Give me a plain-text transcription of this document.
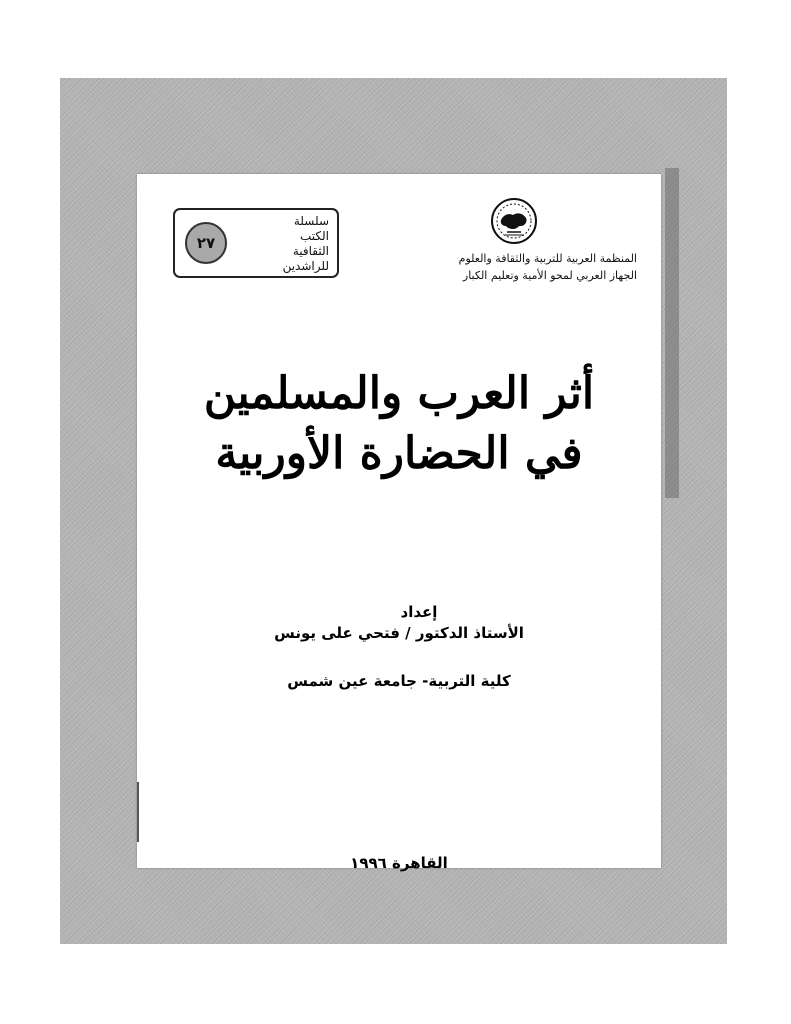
٢٧
سلسلة
الكتب
الثقافية
للراشدين
المنظمة العربية للتربية والثقافة والعلوم
الجهاز العربي لمحو الأمية وتعليم الكبار
أثر العرب والمسلمين
في الحضارة الأوربية
إعداد
الأستاذ الدكتور / فتحي على يونس
كلية التربية- جامعة عين شمس
القاهرة ١٩٩٦
